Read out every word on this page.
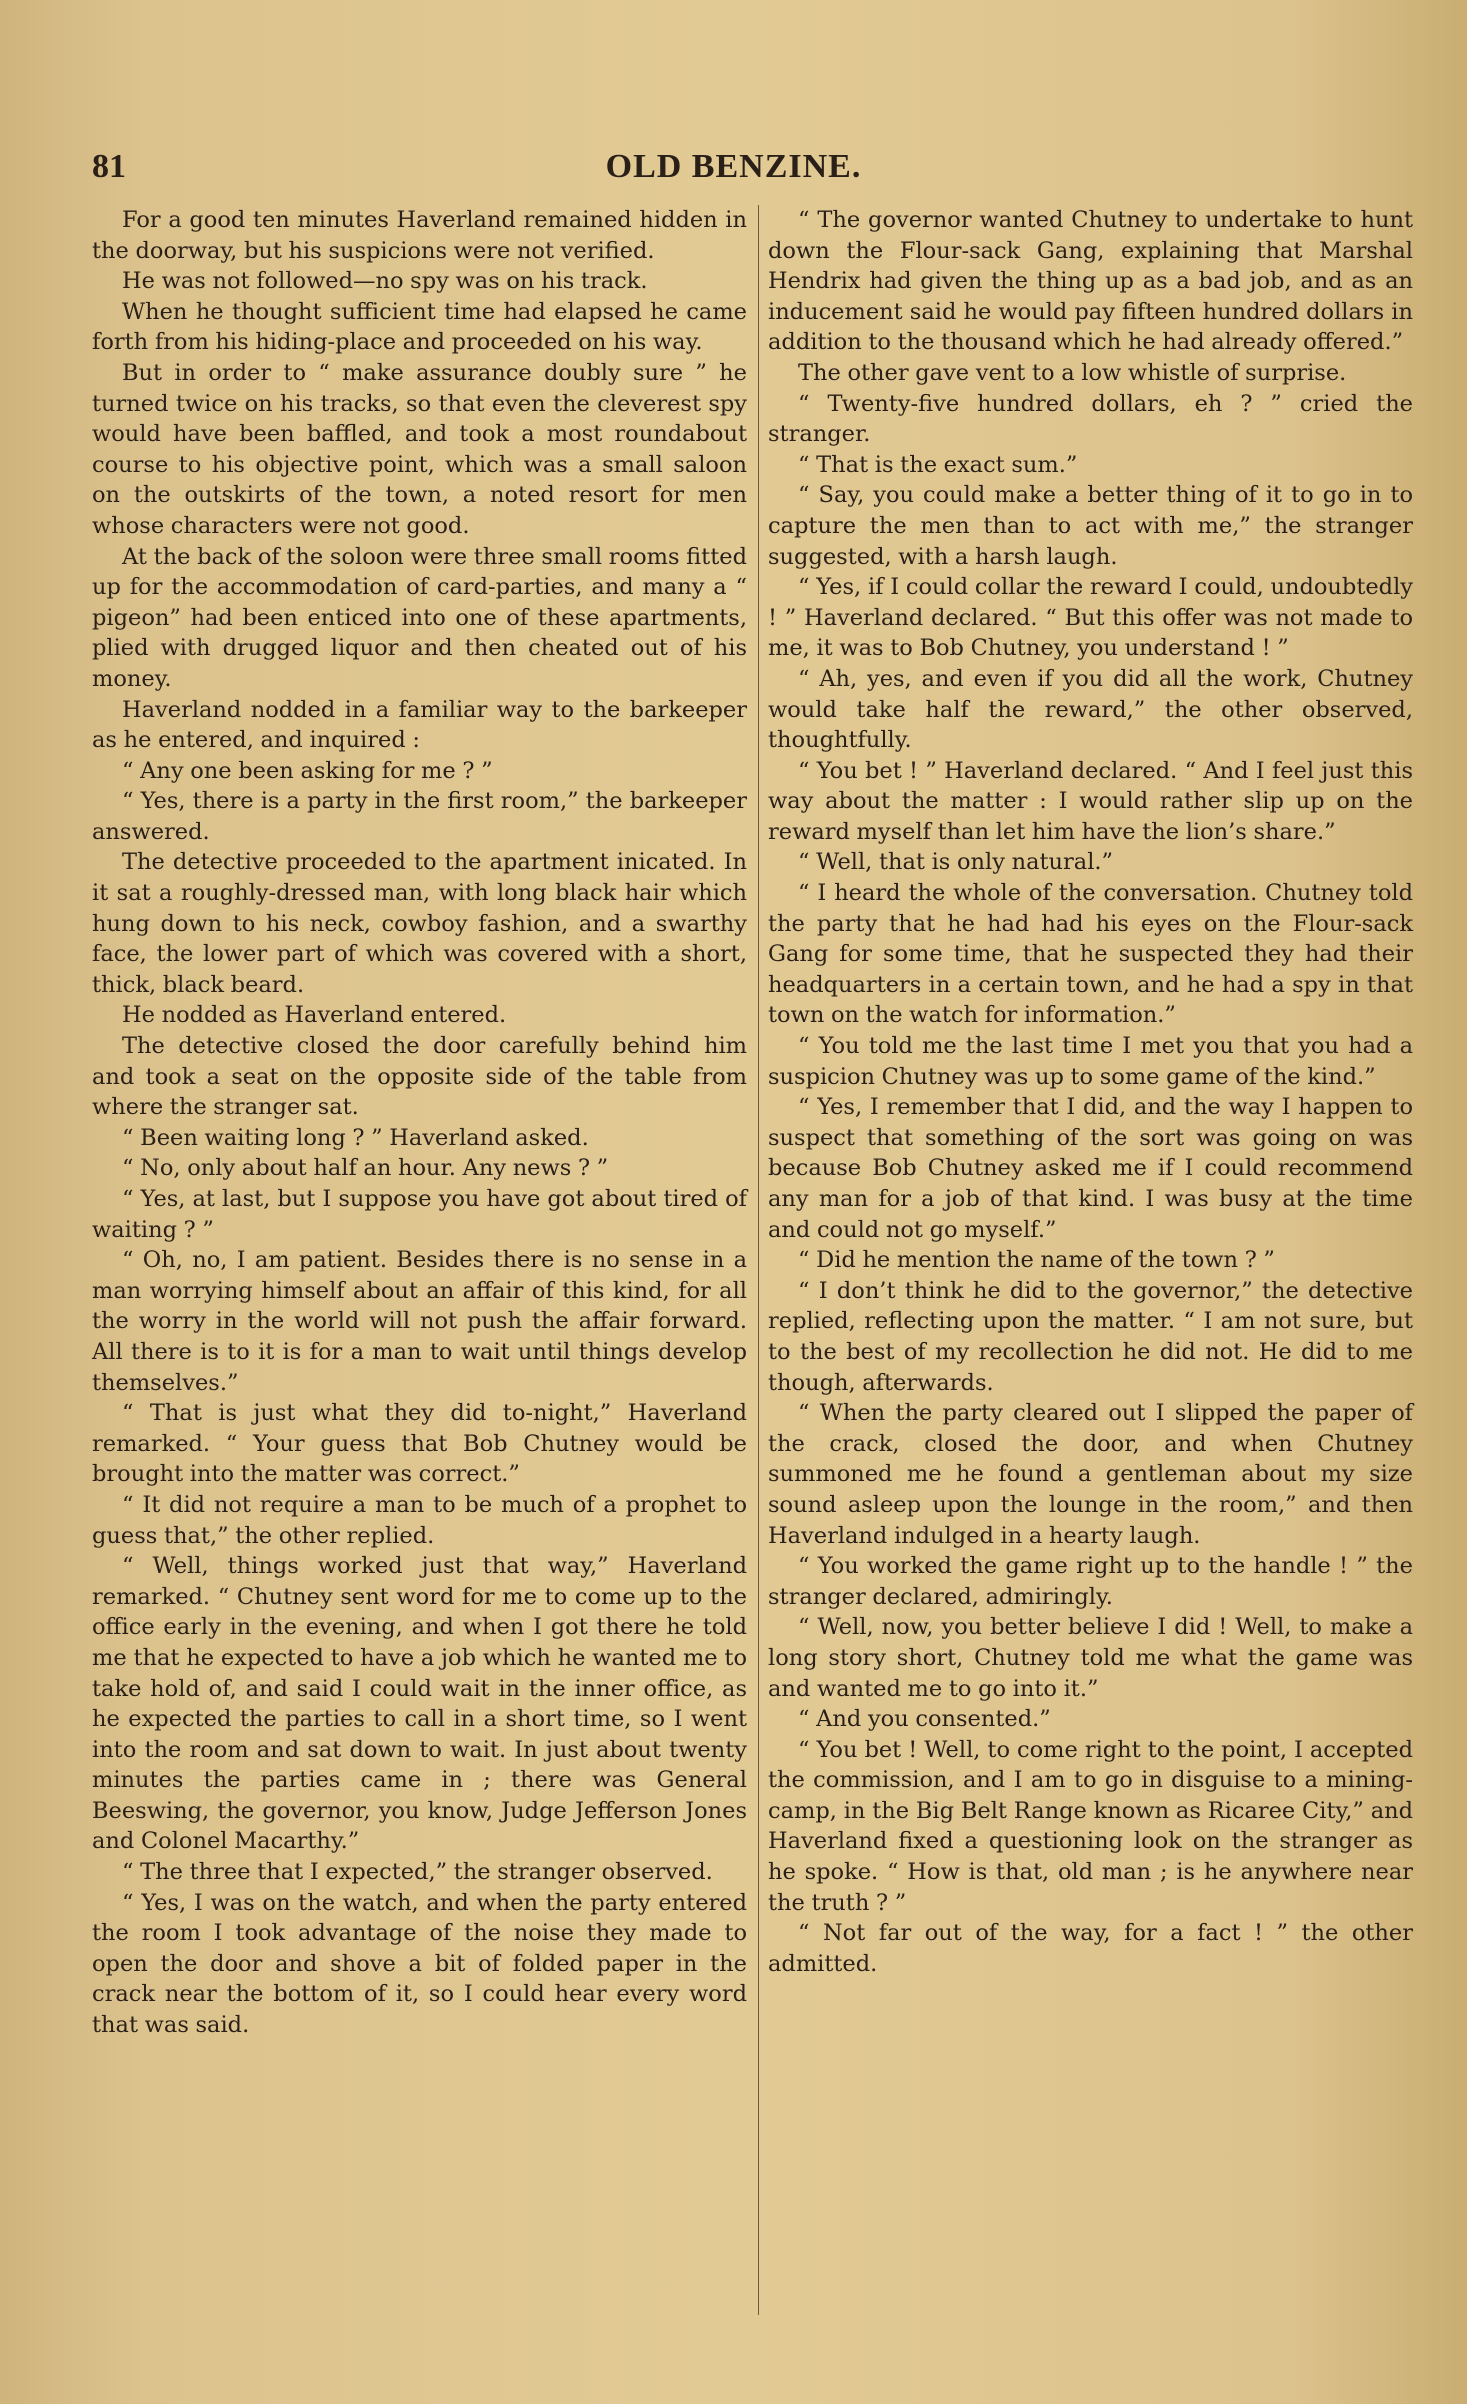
81	OLD BENZINE.

For a good ten minutes Haverland remained hidden in the doorway, but his suspicions were not verified.

He was not followed—no spy was on his track.

When he thought sufficient time had elapsed he came forth from his hiding-place and proceeded on his way.

But in order to “ make assurance doubly sure ” he turned twice on his tracks, so that even the cleverest spy would have been baffled, and took a most roundabout course to his objective point, which was a small saloon on the outskirts of the town, a noted resort for men whose characters were not good.

At the back of the soloon were three small rooms fitted up for the accommodation of card-parties, and many a “ pigeon” had been enticed into one of these apartments, plied with drugged liquor and then cheated out of his money.

Haverland nodded in a familiar way to the barkeeper as he entered, and inquired :

“ Any one been asking for me ? ”

“ Yes, there is a party in the first room,” the barkeeper answered.

The detective proceeded to the apartment inicated. In it sat a roughly-dressed man, with long black hair which hung down to his neck, cowboy fashion, and a swarthy face, the lower part of which was covered with a short, thick, black beard.

He nodded as Haverland entered.

The detective closed the door carefully behind him and took a seat on the opposite side of the table from where the stranger sat.

“ Been waiting long ? ” Haverland asked.

“ No, only about half an hour. Any news ? ”

“ Yes, at last, but I suppose you have got about tired of waiting ? ”

“ Oh, no, I am patient. Besides there is no sense in a man worrying himself about an affair of this kind, for all the worry in the world will not push the affair forward. All there is to it is for a man to wait until things develop themselves.”

“ That is just what they did to-night,” Haverland remarked. “ Your guess that Bob Chutney would be brought into the matter was correct.”

“ It did not require a man to be much of a prophet to guess that,” the other replied.

“ Well, things worked just that way,” Haverland remarked. “ Chutney sent word for me to come up to the office early in the evening, and when I got there he told me that he expected to have a job which he wanted me to take hold of, and said I could wait in the inner office, as he expected the parties to call in a short time, so I went into the room and sat down to wait. In just about twenty minutes the parties came in ; there was General Beeswing, the governor, you know, Judge Jefferson Jones and Colonel Macarthy.”

“ The three that I expected,” the stranger observed.

“ Yes, I was on the watch, and when the party entered the room I took advantage of the noise they made to open the door and shove a bit of folded paper in the crack near the bottom of it, so I could hear every word that was said.

“ The governor wanted Chutney to undertake to hunt down the Flour-sack Gang, explaining that Marshal Hendrix had given the thing up as a bad job, and as an inducement said he would pay fifteen hundred dollars in addition to the thousand which he had already offered.”

The other gave vent to a low whistle of surprise.

“ Twenty-five hundred dollars, eh ? ” cried the stranger.

“ That is the exact sum.”

“ Say, you could make a better thing of it to go in to capture the men than to act with me,” the stranger suggested, with a harsh laugh.

“ Yes, if I could collar the reward I could, undoubtedly ! ” Haverland declared. “ But this offer was not made to me, it was to Bob Chutney, you understand ! ”

“ Ah, yes, and even if you did all the work, Chutney would take half the reward,” the other observed, thoughtfully.

“ You bet ! ” Haverland declared. “ And I feel just this way about the matter : I would rather slip up on the reward myself than let him have the lion’s share.”

“ Well, that is only natural.”

“ I heard the whole of the conversation. Chutney told the party that he had had his eyes on the Flour-sack Gang for some time, that he suspected they had their headquarters in a certain town, and he had a spy in that town on the watch for information.”

“ You told me the last time I met you that you had a suspicion Chutney was up to some game of the kind.”

“ Yes, I remember that I did, and the way I happen to suspect that something of the sort was going on was because Bob Chutney asked me if I could recommend any man for a job of that kind. I was busy at the time and could not go myself.”

“ Did he mention the name of the town ? ”

“ I don’t think he did to the governor,” the detective replied, reflecting upon the matter. “ I am not sure, but to the best of my recollection he did not. He did to me though, afterwards.

“ When the party cleared out I slipped the paper of the crack, closed the door, and when Chutney summoned me he found a gentleman about my size sound asleep upon the lounge in the room,” and then Haverland indulged in a hearty laugh.

“ You worked the game right up to the handle ! ” the stranger declared, admiringly.

“ Well, now, you better believe I did ! Well, to make a long story short, Chutney told me what the game was and wanted me to go into it.”

“ And you consented.”

“ You bet ! Well, to come right to the point, I accepted the commission, and I am to go in disguise to a mining-camp, in the Big Belt Range known as Ricaree City,” and Haverland fixed a questioning look on the stranger as he spoke. “ How is that, old man ; is he anywhere near the truth ? ”

“ Not far out of the way, for a fact ! ” the other admitted.
